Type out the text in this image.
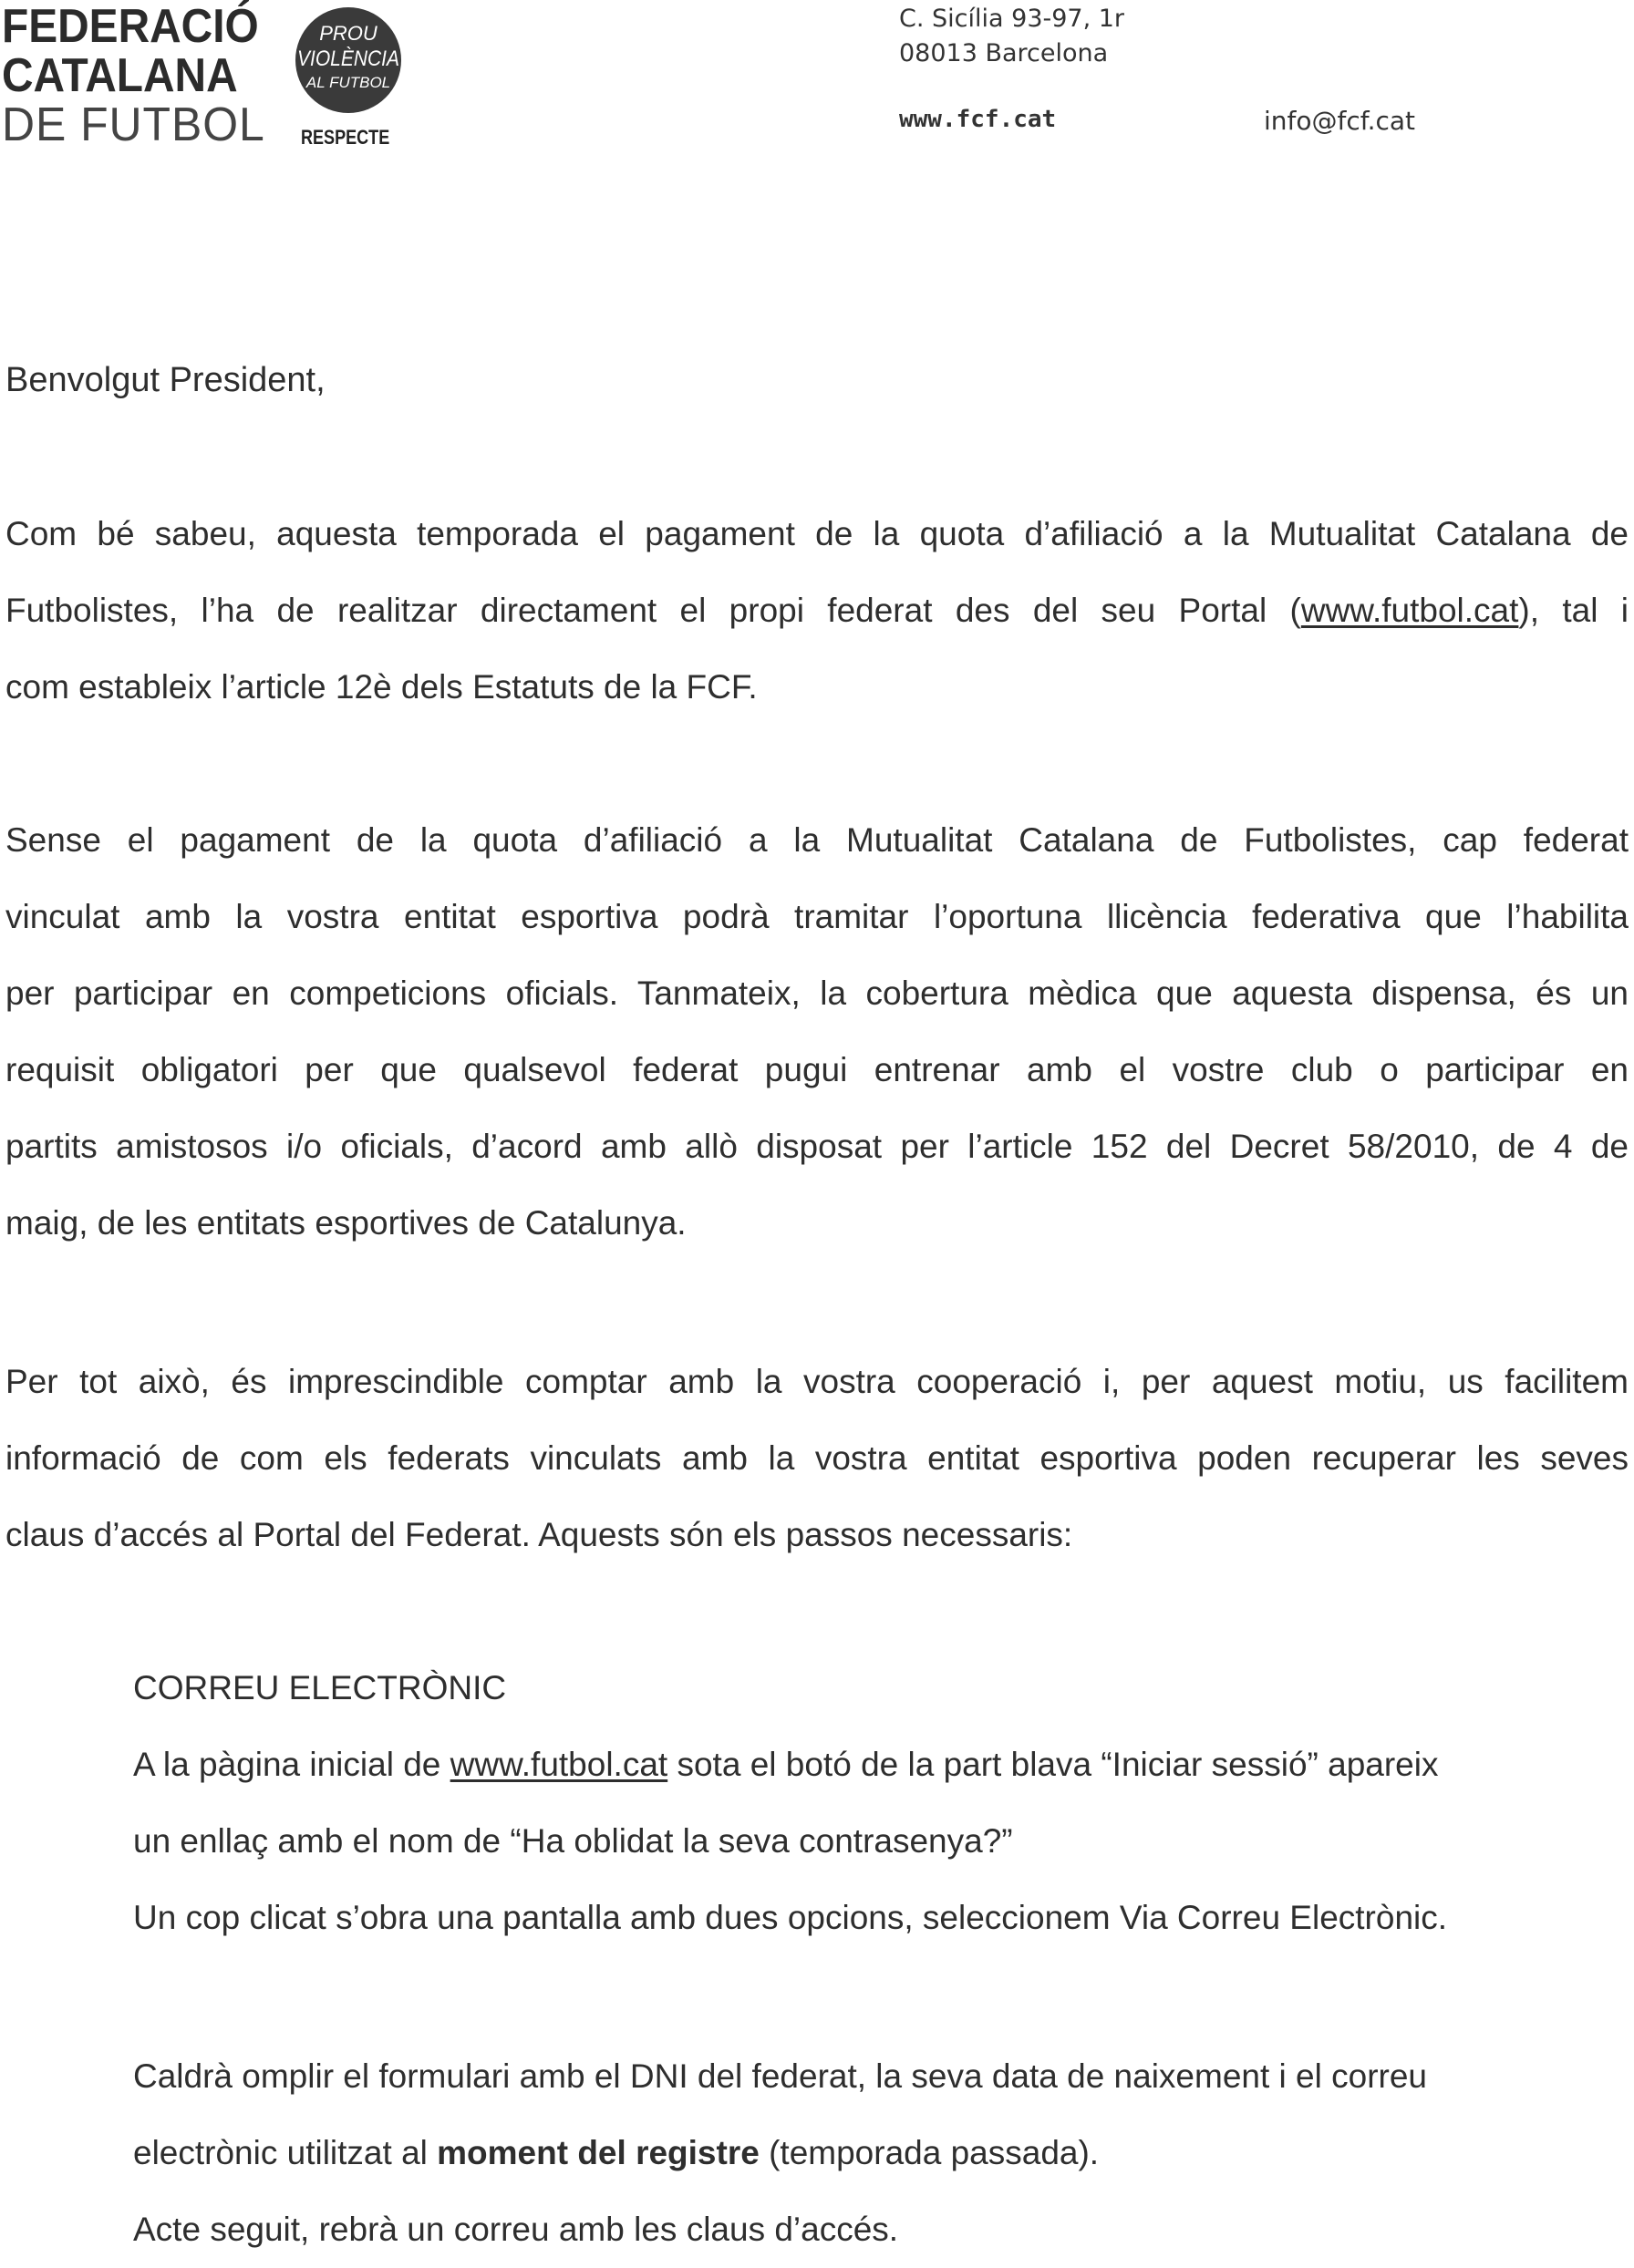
FEDERACIÓ
CATALANA
DE FUTBOL
PROU
VIOLÈNCIA
AL FUTBOL
RESPECTE
C. Sicília 93-97, 1r
08013 Barcelona
www.fcf.cat	info@fcf.cat
Benvolgut President,
Com bé sabeu, aquesta temporada el pagament de la quota d’afiliació a la Mutualitat Catalana de
Futbolistes, l’ha de realitzar directament el propi federat des del seu Portal (www.futbol.cat), tal i
com estableix l’article 12è dels Estatuts de la FCF.
Sense el pagament de la quota d’afiliació a la Mutualitat Catalana de Futbolistes, cap federat
vinculat amb la vostra entitat esportiva podrà tramitar l’oportuna llicència federativa que l’habilita
per participar en competicions oficials. Tanmateix, la cobertura mèdica que aquesta dispensa, és un
requisit obligatori per que qualsevol federat pugui entrenar amb el vostre club o participar en
partits amistosos i/o oficials, d’acord amb allò disposat per l’article 152 del Decret 58/2010, de 4 de
maig, de les entitats esportives de Catalunya.
Per tot això, és imprescindible comptar amb la vostra cooperació i, per aquest motiu, us facilitem
informació de com els federats vinculats amb la vostra entitat esportiva poden recuperar les seves
claus d’accés al Portal del Federat. Aquests són els passos necessaris:
CORREU ELECTRÒNIC
A la pàgina inicial de www.futbol.cat sota el botó de la part blava “Iniciar sessió” apareix
un enllaç amb el nom de “Ha oblidat la seva contrasenya?”
Un cop clicat s’obra una pantalla amb dues opcions, seleccionem Via Correu Electrònic.
Caldrà omplir el formulari amb el DNI del federat, la seva data de naixement i el correu
electrònic utilitzat al moment del registre (temporada passada).
Acte seguit, rebrà un correu amb les claus d’accés.
